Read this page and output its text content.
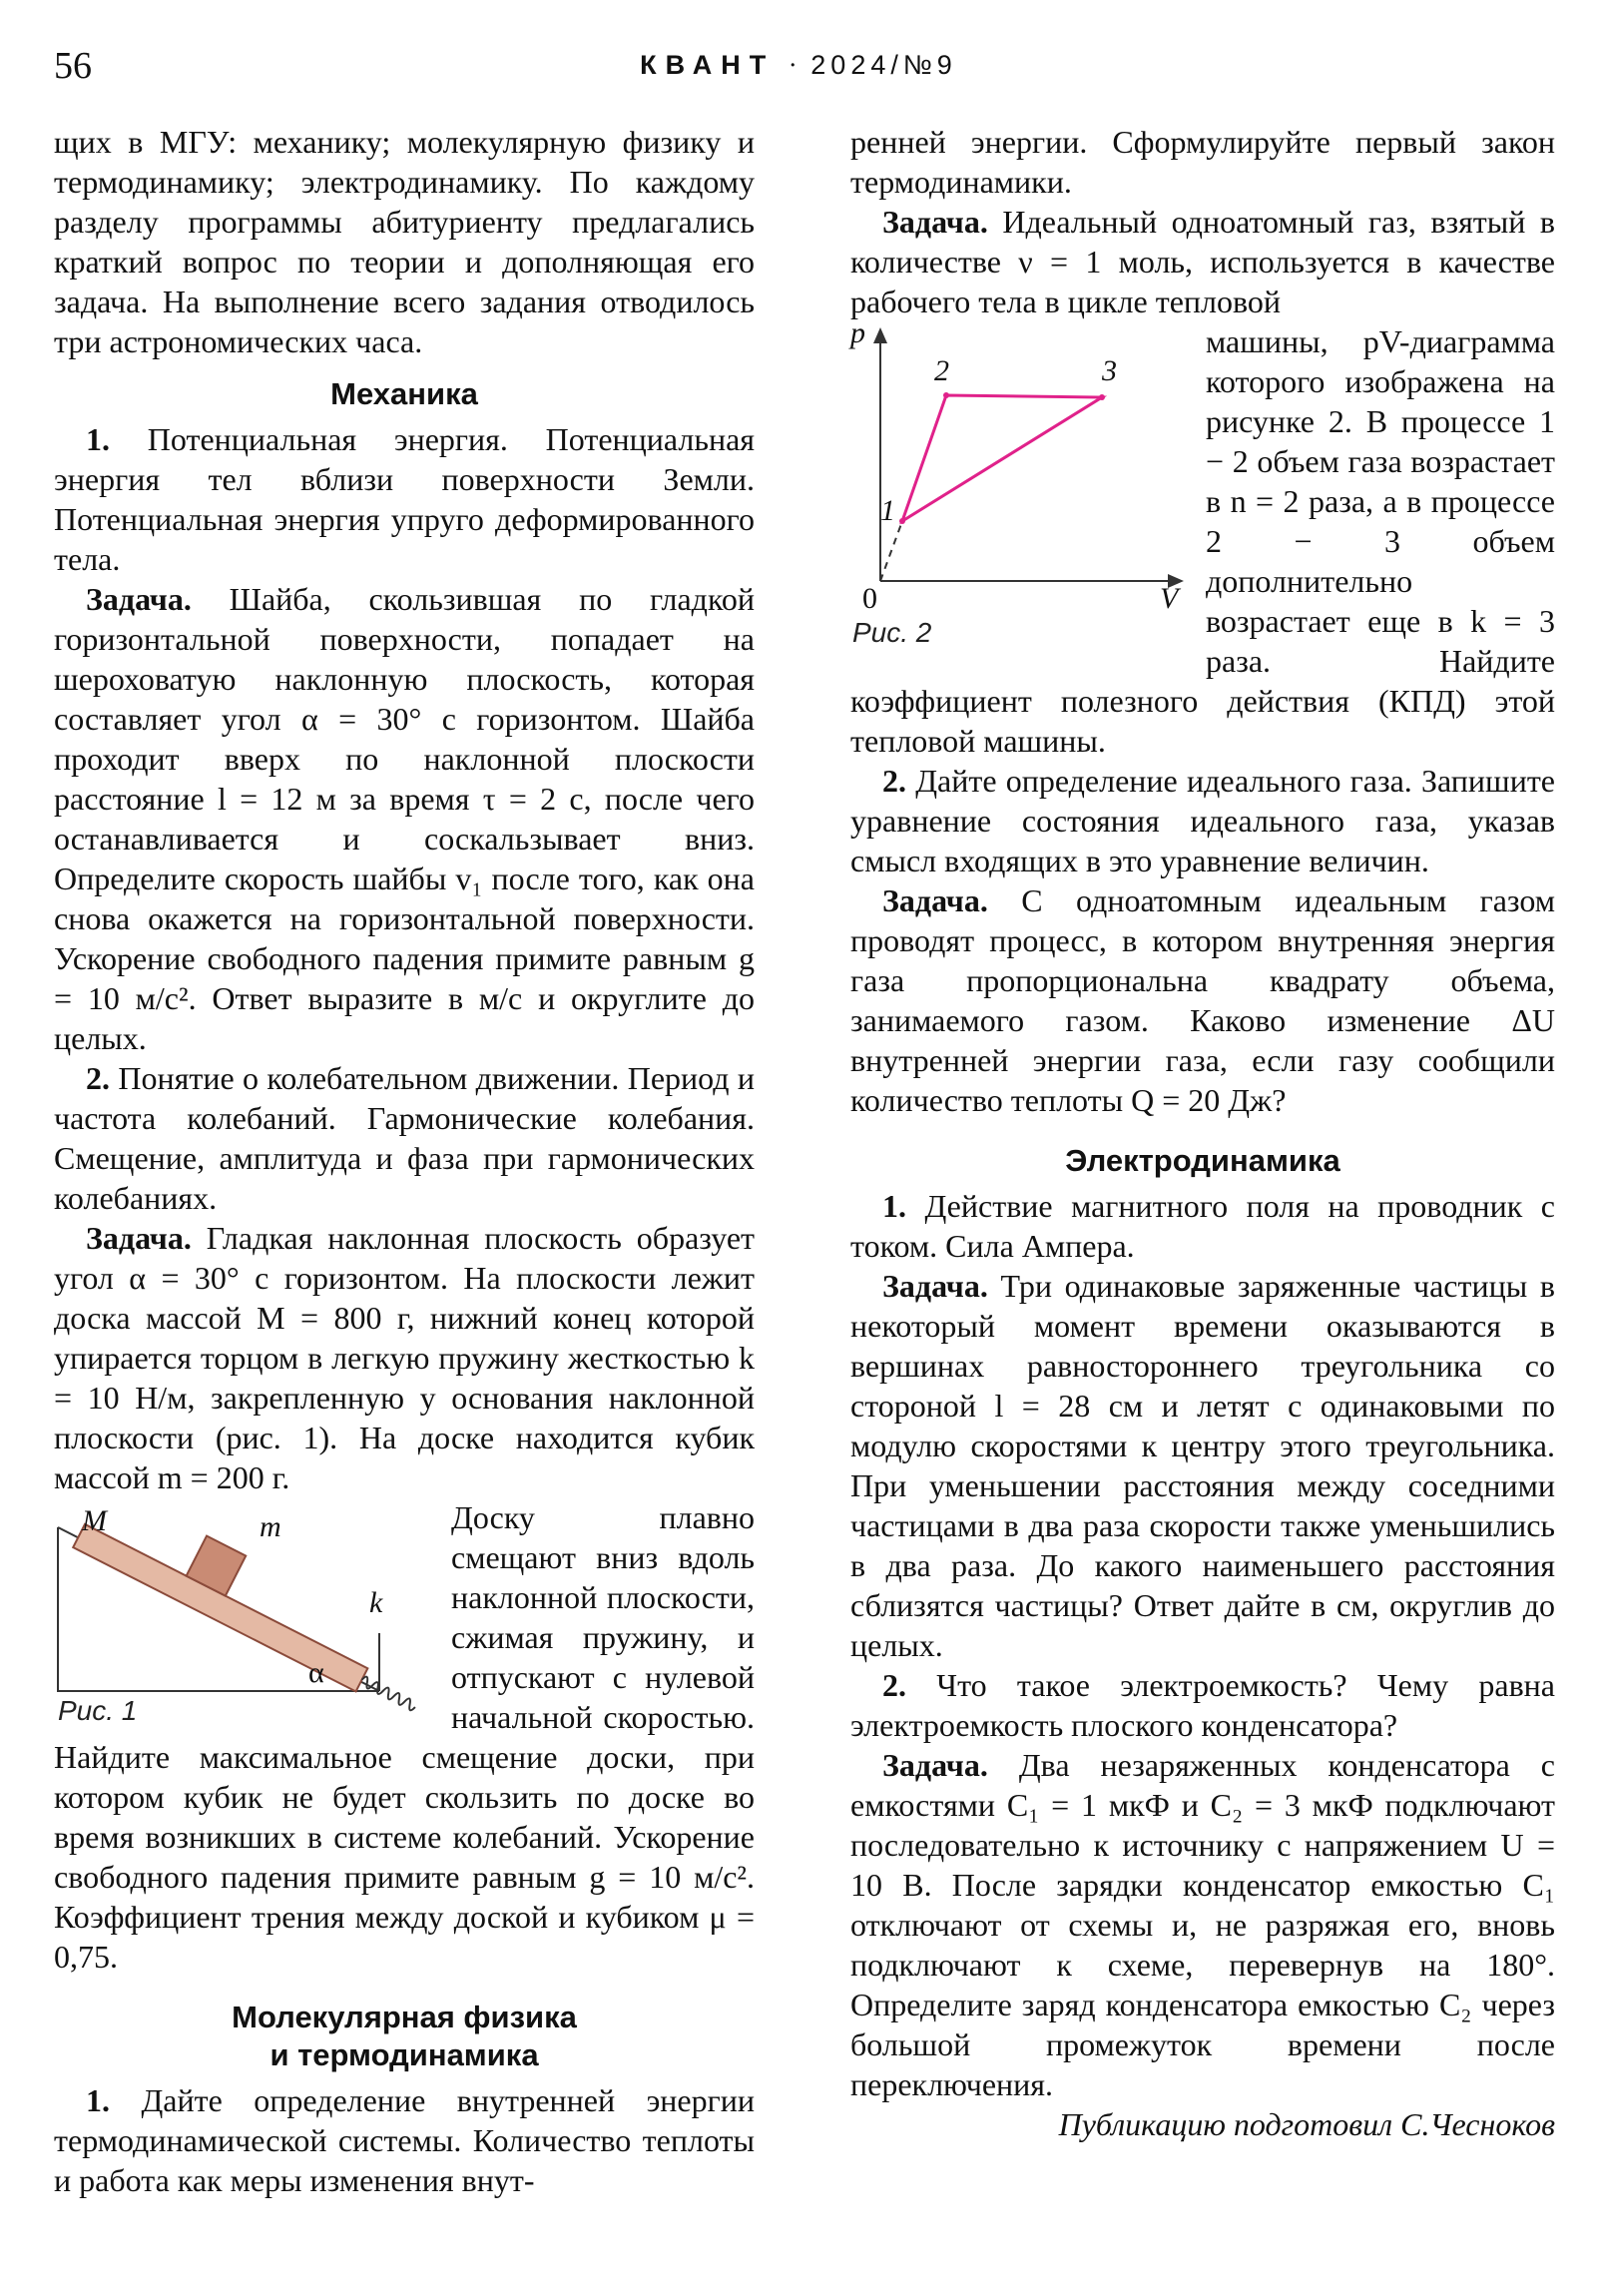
56	КВАНТ · 2024/№9

щих в МГУ: механику; молекулярную физику и термодинамику; электродинамику. По каждому разделу программы абитуриенту предлагались краткий вопрос по теории и дополняющая его задача. На выполнение всего задания отводилось три астрономических часа.

Механика

1. Потенциальная энергия. Потенциальная энергия тел вблизи поверхности Земли. Потенциальная энергия упруго деформированного тела.

Задача. Шайба, скользившая по гладкой горизонтальной поверхности, попадает на шероховатую наклонную плоскость, которая составляет угол α = 30° с горизонтом. Шайба проходит вверх по наклонной плоскости расстояние l = 12 м за время τ = 2 с, после чего останавливается и соскальзывает вниз. Определите скорость шайбы v₁ после того, как она снова окажется на горизонтальной поверхности. Ускорение свободного падения примите равным g = 10 м/с². Ответ выразите в м/с и округлите до целых.

2. Понятие о колебательном движении. Период и частота колебаний. Гармонические колебания. Смещение, амплитуда и фаза при гармонических колебаниях.

Задача. Гладкая наклонная плоскость образует угол α = 30° с горизонтом. На плоскости лежит доска массой M = 800 г, нижний конец которой упирается торцом в легкую пружину жесткостью k = 10 Н/м, закрепленную у основания наклонной плоскости (рис. 1). На доске находится кубик массой m = 200 г.

M	m
k
α
Рис. 1

Доску плавно смещают вниз вдоль наклонной плоскости, сжимая пружину, и отпускают с нулевой начальной скоростью. Найдите максимальное смещение доски, при котором кубик не будет скользить по доске во время возникших в системе колебаний. Ускорение свободного падения примите равным g = 10 м/с². Коэффициент трения между доской и кубиком μ = 0,75.

Молекулярная физика
и термодинамика

1. Дайте определение внутренней энергии термодинамической системы. Количество теплоты и работа как меры изменения внут-

ренней энергии. Сформулируйте первый закон термодинамики.

Задача. Идеальный одноатомный газ, взятый в количестве ν = 1 моль, используется в качестве рабочего тела в цикле тепловой

p
V
0
1
2	3
Рис. 2

машины, pV-диаграмма которого изображена на рисунке 2. В процессе 1 − 2 объем газа возрастает в n = 2 раза, а в процессе 2 − 3 объем дополнительно возрастает еще в k = 3 раза. Найдите коэффициент полезного действия (КПД) этой тепловой машины.

2. Дайте определение идеального газа. Запишите уравнение состояния идеального газа, указав смысл входящих в это уравнение величин.

Задача. С одноатомным идеальным газом проводят процесс, в котором внутренняя энергия газа пропорциональна квадрату объема, занимаемого газом. Каково изменение ΔU внутренней энергии газа, если газу сообщили количество теплоты Q = 20 Дж?

Электродинамика

1. Действие магнитного поля на проводник с током. Сила Ампера.

Задача. Три одинаковые заряженные частицы в некоторый момент времени оказываются в вершинах равностороннего треугольника со стороной l = 28 см и летят с одинаковыми по модулю скоростями к центру этого треугольника. При уменьшении расстояния между соседними частицами в два раза скорости также уменьшились в два раза. До какого наименьшего расстояния сблизятся частицы? Ответ дайте в см, округлив до целых.

2. Что такое электроемкость? Чему равна электроемкость плоского конденсатора?

Задача. Два незаряженных конденсатора с емкостями C₁ = 1 мкФ и C₂ = 3 мкФ подключают последовательно к источнику с напряжением U = 10 В. После зарядки конденсатор емкостью C₁ отключают от схемы и, не разряжая его, вновь подключают к схеме, перевернув на 180°. Определите заряд конденсатора емкостью C₂ через большой промежуток времени после переключения.

Публикацию подготовил С.Чесноков
